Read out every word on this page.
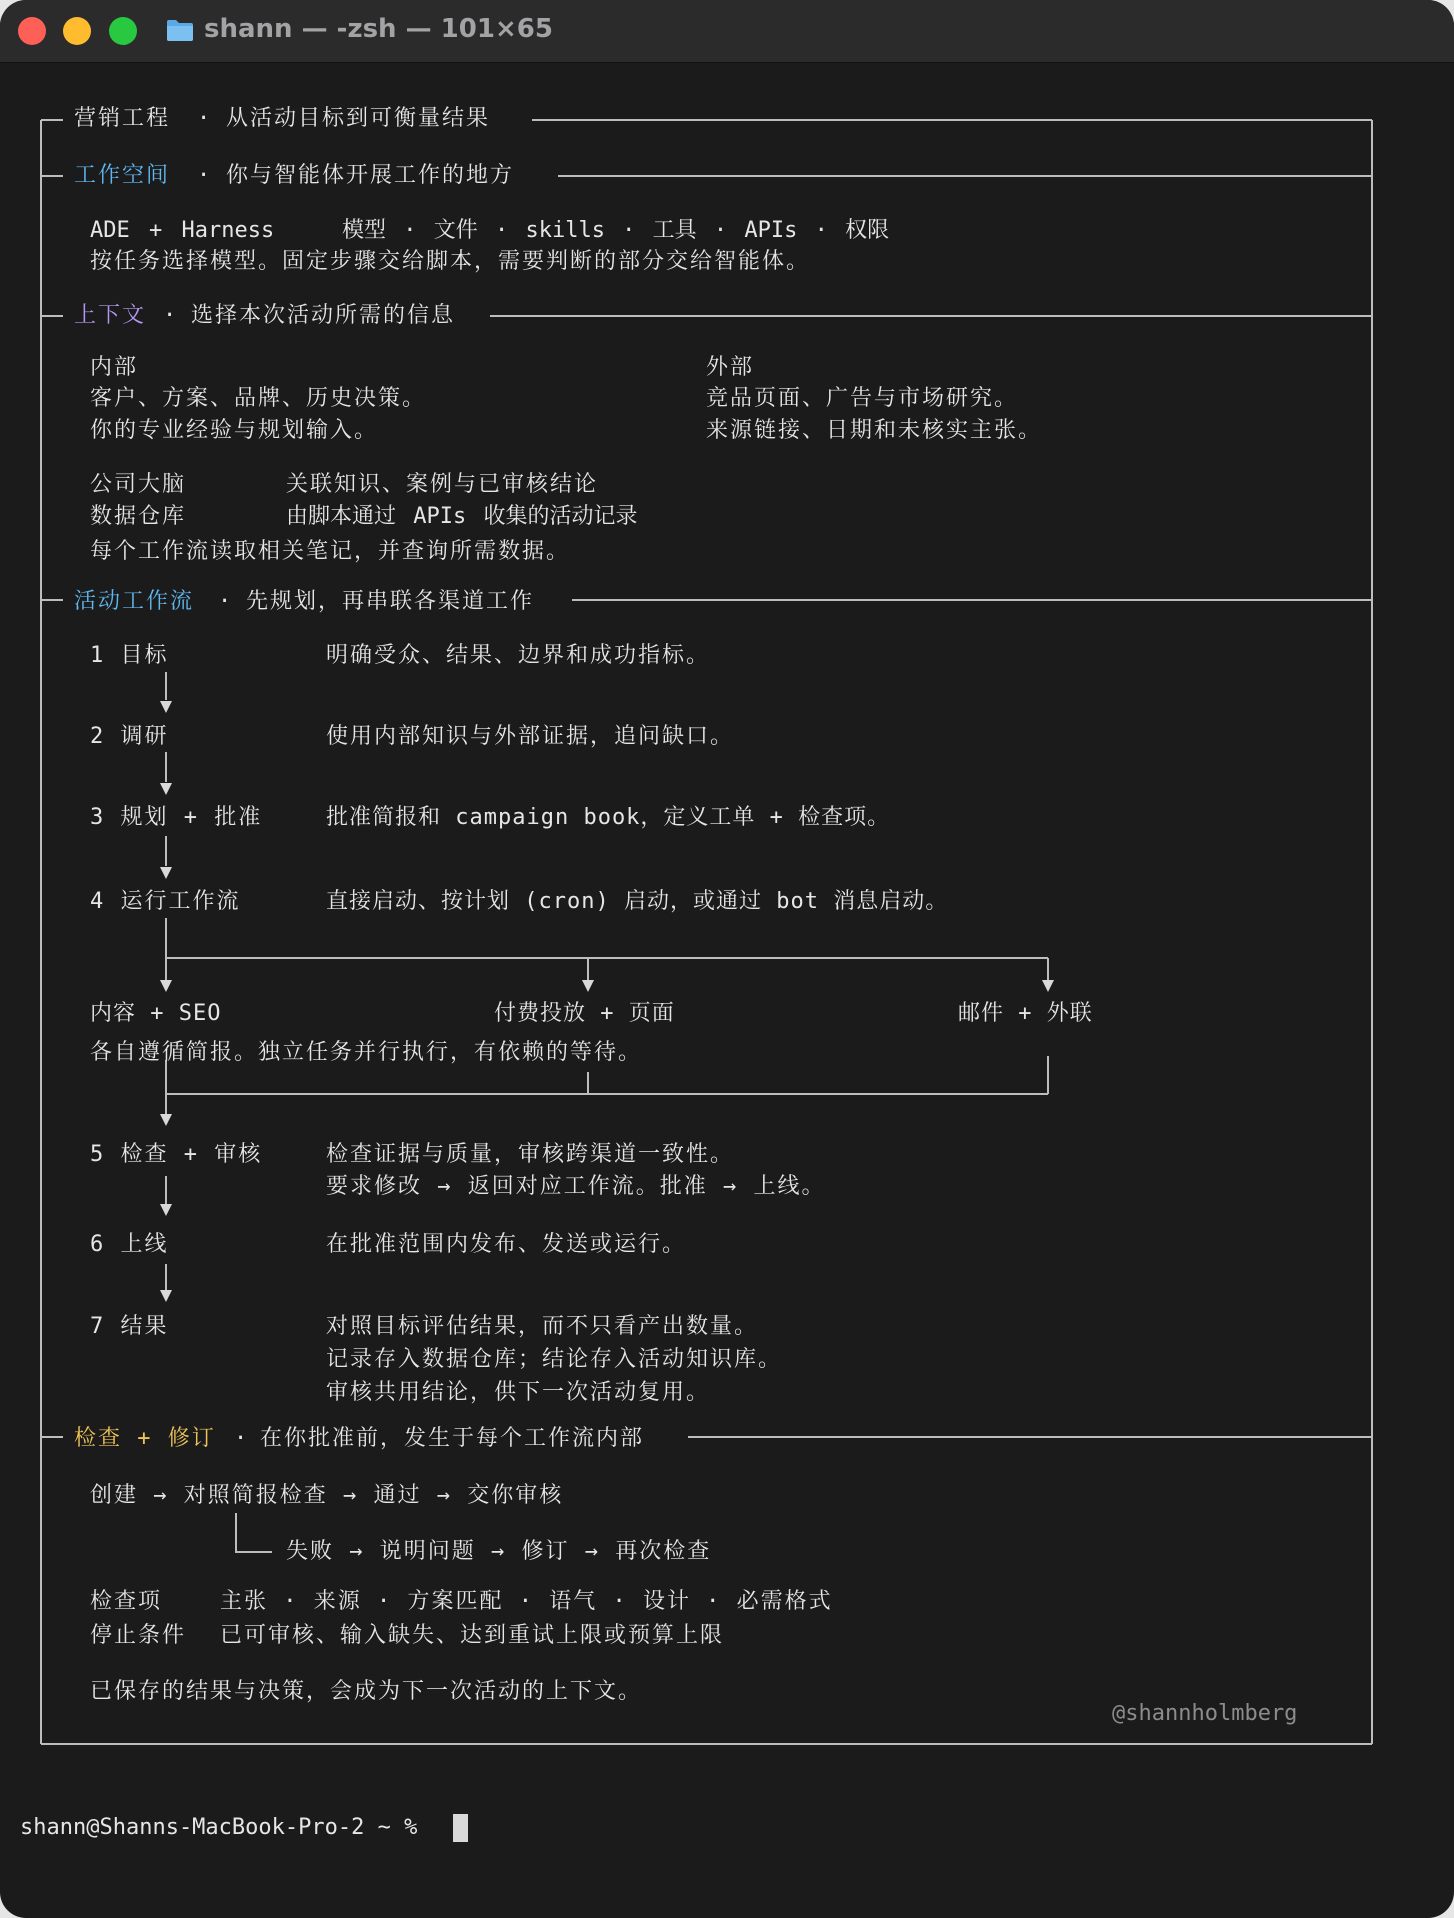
shann — -zsh — 101×65
营销工程 · 从活动目标到可衡量结果
工作空间 · 你与智能体开展工作的地方
ADE + Harness	模型 · 文件 · skills · 工具 · APIs · 权限
按任务选择模型。固定步骤交给脚本，需要判断的部分交给智能体。
上下文 · 选择本次活动所需的信息
内部
客户、方案、品牌、历史决策。
你的专业经验与规划输入。
外部
竞品页面、广告与市场研究。
来源链接、日期和未核实主张。
公司大脑	关联知识、案例与已审核结论
数据仓库	由脚本通过 APIs 收集的活动记录
每个工作流读取相关笔记，并查询所需数据。
活动工作流 · 先规划，再串联各渠道工作
1 目标	明确受众、结果、边界和成功指标。
2 调研	使用内部知识与外部证据，追问缺口。
3 规划 + 批准	批准简报和 campaign book，定义工单 + 检查项。
4 运行工作流	直接启动、按计划 (cron) 启动，或通过 bot 消息启动。
内容 + SEO	付费投放 + 页面	邮件 + 外联
各自遵循简报。独立任务并行执行，有依赖的等待。
5 检查 + 审核	检查证据与质量，审核跨渠道一致性。
要求修改 → 返回对应工作流。批准 → 上线。
6 上线	在批准范围内发布、发送或运行。
7 结果	对照目标评估结果，而不只看产出数量。
记录存入数据仓库；结论存入活动知识库。
审核共用结论，供下一次活动复用。
检查 + 修订 · 在你批准前，发生于每个工作流内部
创建 → 对照简报检查 → 通过 → 交你审核
失败 → 说明问题 → 修订 → 再次检查
检查项	主张 · 来源 · 方案匹配 · 语气 · 设计 · 必需格式
停止条件 已可审核、输入缺失、达到重试上限或预算上限
已保存的结果与决策，会成为下一次活动的上下文。
@shannholmberg
shann@Shanns-MacBook-Pro-2 ~ %
